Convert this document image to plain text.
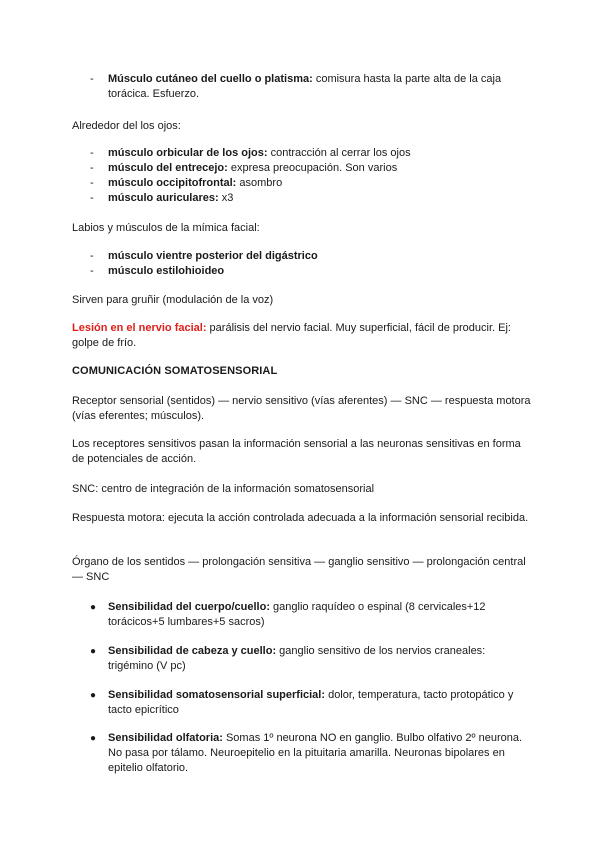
- Músculo cutáneo del cuello o platisma: comisura hasta la parte alta de la caja torácica. Esfuerzo.
Alrededor del los ojos:
- músculo orbicular de los ojos: contracción al cerrar los ojos
- músculo del entrecejo: expresa preocupación. Son varios
- músculo occipitofrontal: asombro
- músculo auriculares: x3
Labios y músculos de la mímica facial:
- músculo vientre posterior del digástrico
- músculo estilohioideo
Sirven para gruñir (modulación de la voz)
Lesión en el nervio facial: parálisis del nervio facial. Muy superficial, fácil de producir. Ej: golpe de frío.
COMUNICACIÓN SOMATOSENSORIAL
Receptor sensorial (sentidos) — nervio sensitivo (vías aferentes) — SNC — respuesta motora (vías eferentes; músculos).
Los receptores sensitivos pasan la información sensorial a las neuronas sensitivas en forma de potenciales de acción.
SNC: centro de integración de la información somatosensorial
Respuesta motora: ejecuta la acción controlada adecuada a la información sensorial recibida.
Órgano de los sentidos — prolongación sensitiva — ganglio sensitivo — prolongación central — SNC
● Sensibilidad del cuerpo/cuello: ganglio raquídeo o espinal (8 cervicales+12 torácicos+5 lumbares+5 sacros)
● Sensibilidad de cabeza y cuello: ganglio sensitivo de los nervios craneales: trigémino (V pc)
● Sensibilidad somatosensorial superficial: dolor, temperatura, tacto protopático y tacto epicrítico
● Sensibilidad olfatoria: Somas 1º neurona NO en ganglio. Bulbo olfativo 2º neurona. No pasa por tálamo. Neuroepitelio en la pituitaria amarilla. Neuronas bipolares en epitelio olfatorio.
